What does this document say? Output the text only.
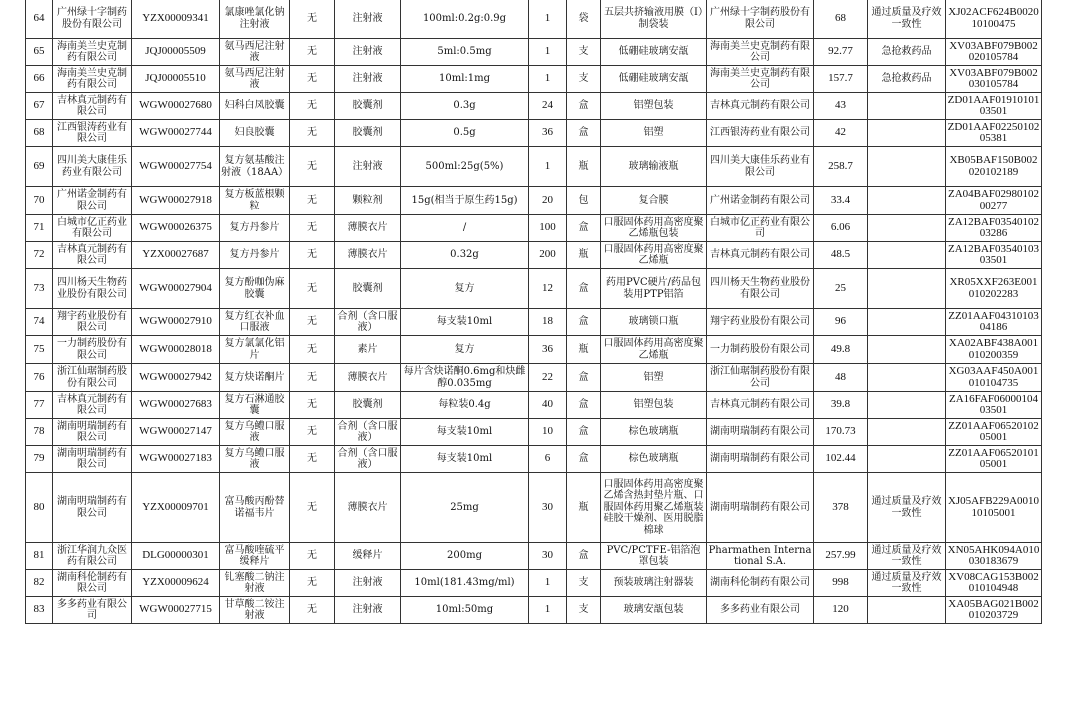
64	广州绿十字制药股份有限公司	YZX00009341	氯康唑氯化钠注射液	无	注射液	100ml:0.2g:0.9g	1	袋	五层共挤输液用膜（Ⅰ）制袋装	广州绿十字制药股份有限公司	68	通过质量及疗效一致性	XJ02ACF624B002010100475
65	海南美兰史克制药有限公司	JQJ00005509	氨马西尼注射液	无	注射液	5ml:0.5mg	1	支	低硼硅玻璃安瓿	海南美兰史克制药有限公司	92.77	急抢救药品	XV03ABF079B002020105784
66	海南美兰史克制药有限公司	JQJ00005510	氨马西尼注射液	无	注射液	10ml:1mg	1	支	低硼硅玻璃安瓿	海南美兰史克制药有限公司	157.7	急抢救药品	XV03ABF079B002030105784
67	吉林真元制药有限公司	WGW00027680	妇科白凤胶囊	无	胶囊剂	0.3g	24	盒	铝塑包装	吉林真元制药有限公司	43		ZD01AAF0191010103501
68	江西银涛药业有限公司	WGW00027744	妇良胶囊	无	胶囊剂	0.5g	36	盒	铝塑	江西银涛药业有限公司	42		ZD01AAF0225010205381
69	四川美大康佳乐药业有限公司	WGW00027754	复方氨基酸注射液（18AA）	无	注射液	500ml:25g(5%)	1	瓶	玻璃输液瓶	四川美大康佳乐药业有限公司	258.7		XB05BAF150B002020102189
70	广州诺金制药有限公司	WGW00027918	复方板蓝根颗粒	无	颗粒剂	15g(相当于原生药15g)	20	包	复合膜	广州诺金制药有限公司	33.4		ZA04BAF0298010200277
71	白城市亿正药业有限公司	WGW00026375	复方丹参片	无	薄膜衣片	/	100	盒	口服固体药用高密度聚乙烯瓶包装	白城市亿正药业有限公司	6.06		ZA12BAF0354010203286
72	吉林真元制药有限公司	YZX00027687	复方丹参片	无	薄膜衣片	0.32g	200	瓶	口服固体药用高密度聚乙烯瓶	吉林真元制药有限公司	48.5		ZA12BAF0354010303501
73	四川杨天生物药业股份有限公司	WGW00027904	复方酚咖伪麻胶囊	无	胶囊剂	复方	12	盒	药用PVC硬片/药品包装用PTP铝箔	四川杨天生物药业股份有限公司	25		XR05XXF263E001010202283
74	翔宇药业股份有限公司	WGW00027910	复方红衣补血口服液	无	合剂（含口服液）	每支装10ml	18	盒	玻璃锁口瓶	翔宇药业股份有限公司	96		ZZ01AAF0431010304186
75	一力制药股份有限公司	WGW00028018	复方氯氯化铝片	无	素片	复方	36	瓶	口服固体药用高密度聚乙烯瓶	一力制药股份有限公司	49.8		XA02ABF438A001010200359
76	浙江仙琚制药股份有限公司	WGW00027942	复方炔诺酮片	无	薄膜衣片	每片含炔诺酮0.6mg和炔雌醇0.035mg	22	盒	铝塑	浙江仙琚制药股份有限公司	48		XG03AAF450A001010104735
77	吉林真元制药有限公司	WGW00027683	复方石淋通胶囊	无	胶囊剂	每粒装0.4g	40	盒	铝塑包装	吉林真元制药有限公司	39.8		ZA16FAF0600010403501
78	湖南明瑞制药有限公司	WGW00027147	复方乌鳢口服液	无	合剂（含口服液）	每支装10ml	10	盒	棕色玻璃瓶	湖南明瑞制药有限公司	170.73		ZZ01AAF0652010205001
79	湖南明瑞制药有限公司	WGW00027183	复方乌鳢口服液	无	合剂（含口服液）	每支装10ml	6	盒	棕色玻璃瓶	湖南明瑞制药有限公司	102.44		ZZ01AAF0652010105001
80	湖南明瑞制药有限公司	YZX00009701	富马酸丙酚替诺福韦片	无	薄膜衣片	25mg	30	瓶	口服固体药用高密度聚乙烯含热封垫片瓶、口服固体药用聚乙烯瓶装硅胶干燥剂、医用脱脂棉球	湖南明瑞制药有限公司	378	通过质量及疗效一致性	XJ05AFB229A001010105001
81	浙江华润九众医药有限公司	DLG00000301	富马酸喹硫平缓释片	无	缓释片	200mg	30	盒	PVC/PCTFE-铝箔泡罩包装	Pharmathen International S.A.	257.99	通过质量及疗效一致性	XN05AHK094A010030183679
82	湖南科伦制药有限公司	YZX00009624	钆塞酸二钠注射液	无	注射液	10ml(181.43mg/ml)	1	支	预装玻璃注射器装	湖南科伦制药有限公司	998	通过质量及疗效一致性	XV08CAG153B002010104948
83	多多药业有限公司	WGW00027715	甘草酸二铵注射液	无	注射液	10ml:50mg	1	支	玻璃安瓿包装	多多药业有限公司	120		XA05BAG021B002010203729
